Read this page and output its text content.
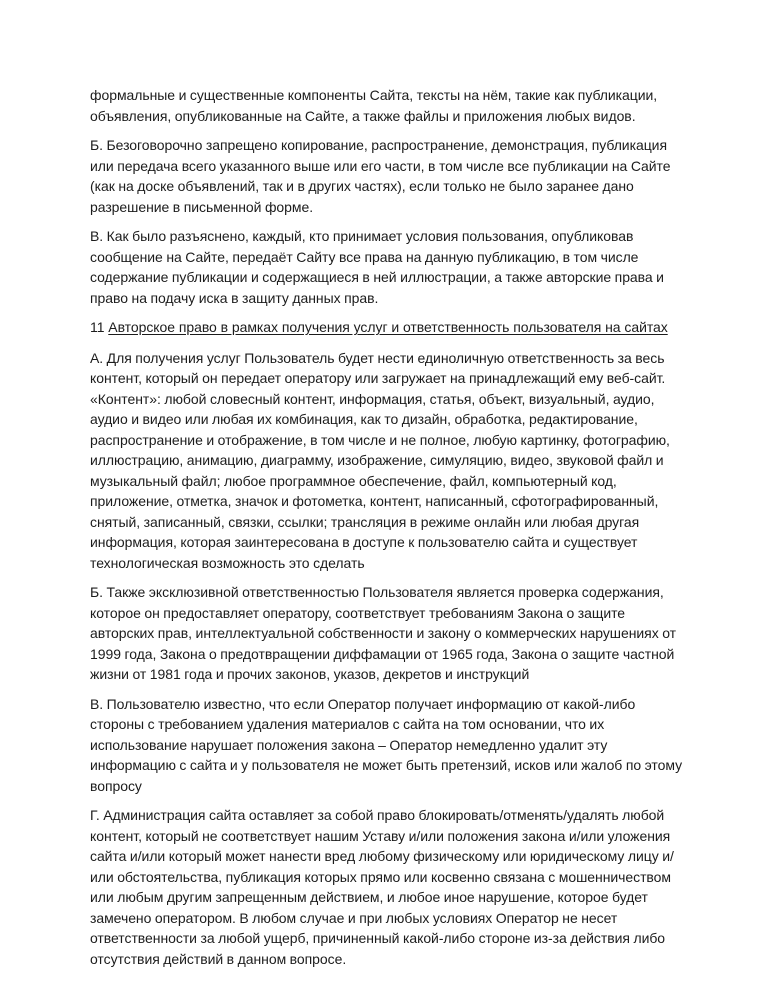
формальные и существенные компоненты Сайта, тексты на нём, такие как публикации, объявления, опубликованные на Сайте, а также файлы и приложения любых видов.

Б. Безоговорочно запрещено копирование, распространение, демонстрация, публикация или передача всего указанного выше или его части, в том числе все публикации на Сайте (как на доске объявлений, так и в других частях), если только не было заранее дано разрешение в письменной форме.

В. Как было разъяснено, каждый, кто принимает условия пользования, опубликовав сообщение на Сайте, передаёт Сайту все права на данную публикацию, в том числе содержание публикации и содержащиеся в ней иллюстрации, а также авторские права и право на подачу иска в защиту данных прав.

11 Авторское право в рамках получения услуг и ответственность пользователя на сайтах

А. Для получения услуг Пользователь будет нести единоличную ответственность за весь контент, который он передает оператору или загружает на принадлежащий ему веб-сайт. «Контент»: любой словесный контент, информация, статья, объект, визуальный, аудио, аудио и видео или любая их комбинация, как то дизайн, обработка, редактирование, распространение и отображение, в том числе и не полное, любую картинку, фотографию, иллюстрацию, анимацию, диаграмму, изображение, симуляцию, видео, звуковой файл и музыкальный файл; любое программное обеспечение, файл, компьютерный код, приложение, отметка, значок и фотометка, контент, написанный, сфотографированный, снятый, записанный, связки, ссылки; трансляция в режиме онлайн или любая другая информация, которая заинтересована в доступе к пользователю сайта и существует технологическая возможность это сделать

Б. Также эксклюзивной ответственностью Пользователя является проверка содержания, которое он предоставляет оператору, соответствует требованиям Закона о защите авторских прав, интеллектуальной собственности и закону о коммерческих нарушениях от 1999 года, Закона о предотвращении диффамации от 1965 года, Закона о защите частной жизни от 1981 года и прочих законов, указов, декретов и инструкций

В. Пользователю известно, что если Оператор получает информацию от какой-либо стороны с требованием удаления материалов с сайта на том основании, что их использование нарушает положения закона – Оператор немедленно удалит эту информацию с сайта и у пользователя не может быть претензий, исков или жалоб по этому вопросу

Г. Администрация сайта оставляет за собой право блокировать/отменять/удалять любой контент, который не соответствует нашим Уставу и/или положения закона и/или уложения сайта и/или который может нанести вред любому физическому или юридическому лицу и/или обстоятельства, публикация которых прямо или косвенно связана с мошенничеством или любым другим запрещенным действием, и любое иное нарушение, которое будет замечено оператором. В любом случае и при любых условиях Оператор не несет ответственности за любой ущерб, причиненный какой-либо стороне из-за действия либо отсутствия действий в данном вопросе.
